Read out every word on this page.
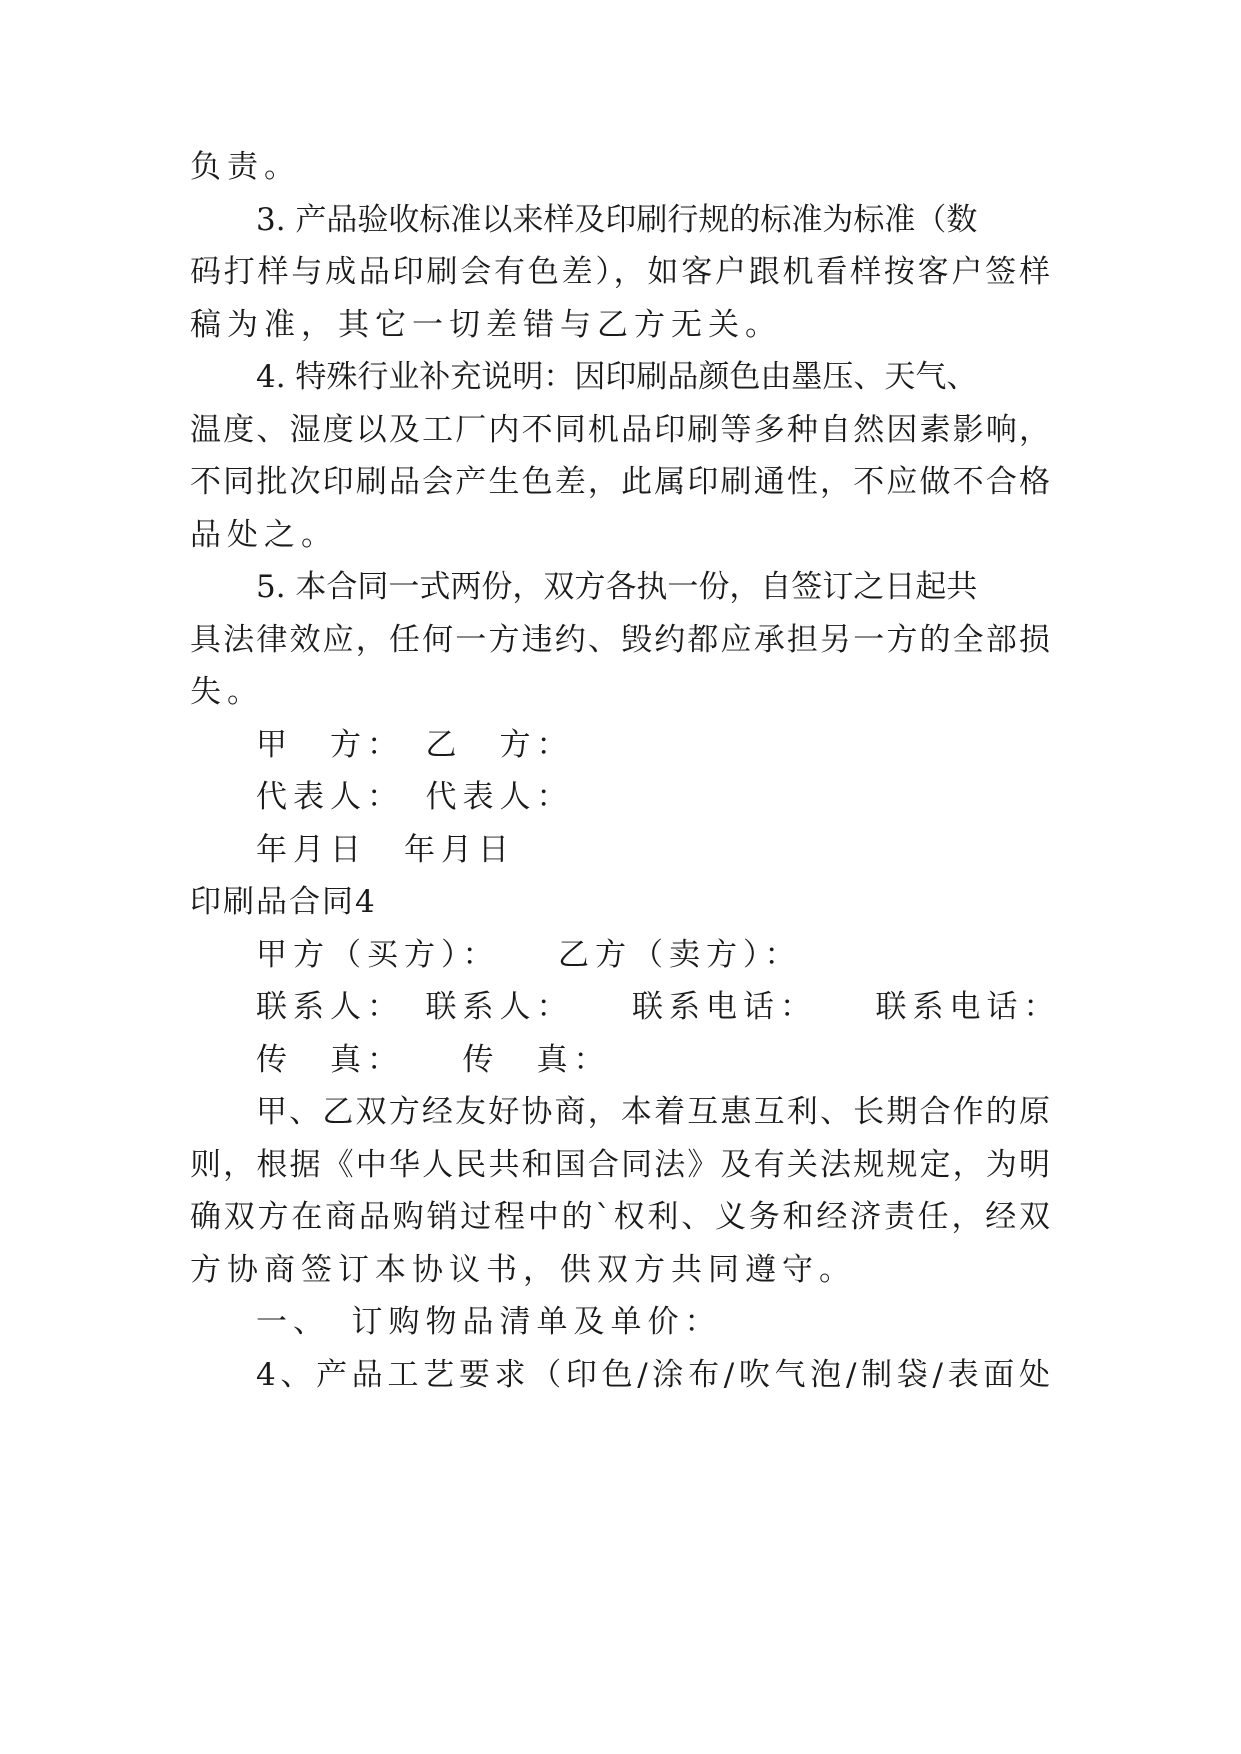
负责。
3. 产品验收标准以来样及印刷行规的标准为标准（数
码打样与成品印刷会有色差），如客户跟机看样按客户签样
稿为准，其它一切差错与乙方无关。
4. 特殊行业补充说明：因印刷品颜色由墨压、天气、
温度、湿度以及工厂内不同机品印刷等多种自然因素影响，
不同批次印刷品会产生色差，此属印刷通性，不应做不合格
品处之。
5. 本合同一式两份，双方各执一份，自签订之日起共
具法律效应，任何一方违约、毁约都应承担另一方的全部损
失。
甲　方：　乙　方：
代表人：　代表人：
年月日　年月日
印刷品合同4
甲方（买方）：　　乙方（卖方）：
联系人：　联系人：　　联系电话：　　联系电话：
传　真：　　传　真：
甲、乙双方经友好协商，本着互惠互利、长期合作的原
则，根据《中华人民共和国合同法》及有关法规规定，为明
确双方在商品购销过程中的`权利、义务和经济责任，经双
方协商签订本协议书，供双方共同遵守。
一、　订购物品清单及单价：
4、产品工艺要求（印色/涂布/吹气泡/制袋/表面处
